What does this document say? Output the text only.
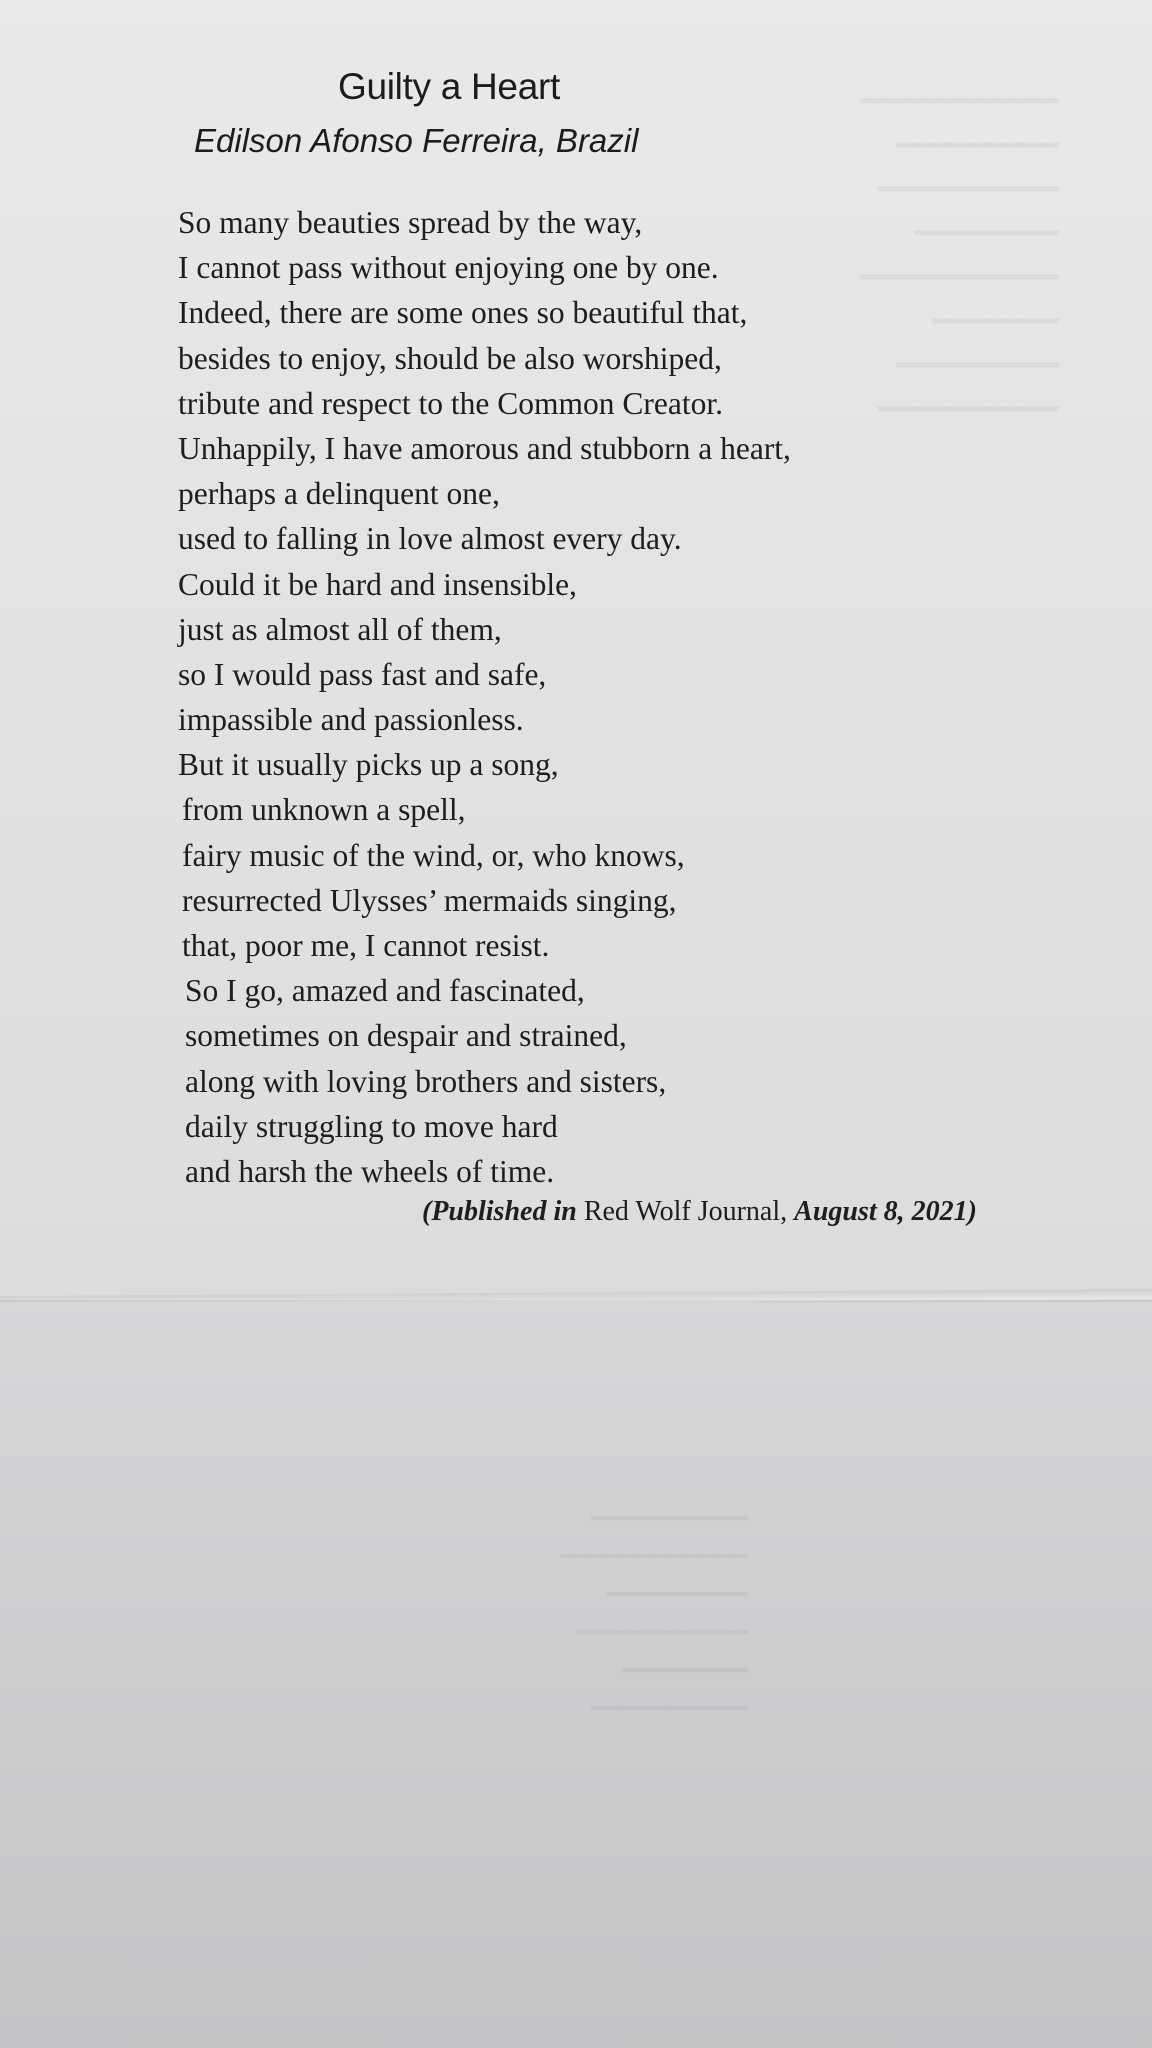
━━━━━━━━━━━
━━━━━━━━━
━━━━━━━━━━
━━━━━━━━
━━━━━━━━━━━
━━━━━━━
━━━━━━━━━
━━━━━━━━━━
━━━━━━━━━━
━━━━━━━━━━━━
━━━━━━━━━
━━━━━━━━━━━
━━━━━━━━
━━━━━━━━━━
Guilty a Heart
Edilson Afonso Ferreira, Brazil
So many beauties spread by the way,
I cannot pass without enjoying one by one.
Indeed, there are some ones so beautiful that,
besides to enjoy, should be also worshiped,
tribute and respect to the Common Creator.
Unhappily, I have amorous and stubborn a heart,
perhaps a delinquent one,
used to falling in love almost every day.
Could it be hard and insensible,
just as almost all of them,
so I would pass fast and safe,
impassible and passionless.
But it usually picks up a song,
from unknown a spell,
fairy music of the wind, or, who knows,
resurrected Ulysses’ mermaids singing,
that, poor me, I cannot resist.
So I go, amazed and fascinated,
sometimes on despair and strained,
along with loving brothers and sisters,
daily struggling to move hard
and harsh the wheels of time.
(Published in Red Wolf Journal, August 8, 2021)
